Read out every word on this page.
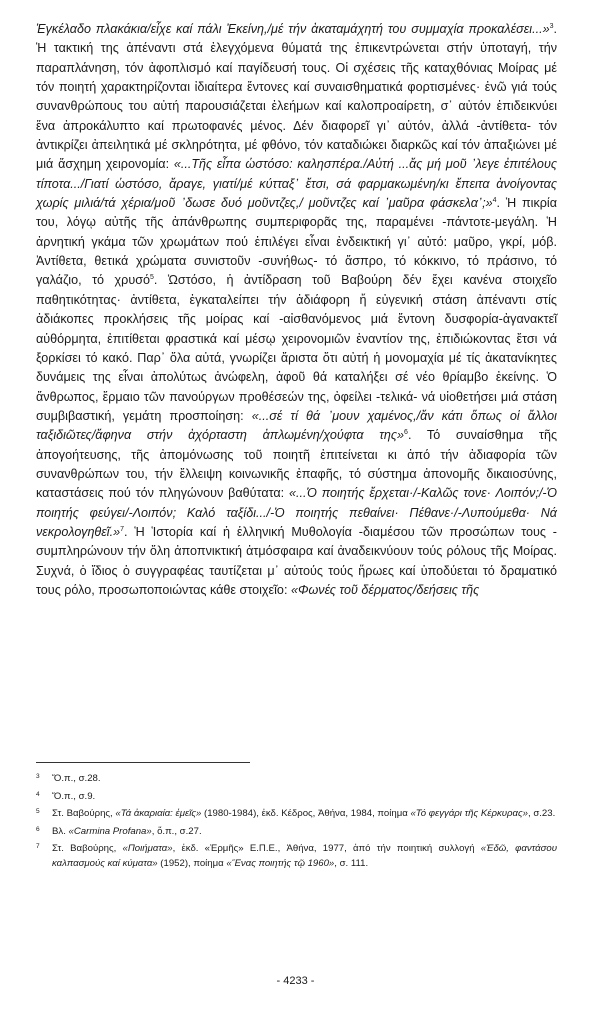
Ἐγκέλαδο πλακάκια/εἶχε καί πάλι Ἐκείνη,/μέ τήν ἀκαταμάχητή του συμμαχία προκαλέσει...»$^3$. Ἡ τακτική της ἀπέναντι στά ἐλεγχόμενα θύματά της ἐπικεντρώνεται στήν ὑποταγή, τήν παραπλάνηση, τόν ἀφοπλισμό καί παγίδευσή τους. Οἱ σχέσεις τῆς καταχθόνιας Μοίρας μέ τόν ποιητή χαρακτηρίζονται ἰδιαίτερα ἔντονες καί συναισθηματικά φορτισμένες· ἐνῶ γιά τούς συνανθρώπους του αὐτή παρουσιάζεται ἐλεήμων καί καλοπροαίρετη, σ᾽ αὐτόν ἐπιδεικνύει ἕνα ἀπροκάλυπτο καί πρωτοφανές μένος. Δέν διαφορεῖ γι᾽ αὐτόν, ἀλλά -ἀντίθετα- τόν ἀντικρίζει ἀπειλητικά μέ σκληρότητα, μέ φθόνο, τόν καταδιώκει διαρκῶς καί τόν ἀπαξιώνει μέ μιά ἄσχημη χειρονομία: «...Τῆς εἶπα ὡστόσο: καλησπέρα./Αὐτή ...ἄς μή μοῦ ᾽λεγε ἐπιτέλους τίποτα.../Γιατί ὡστόσο, ἄραγε, γιατί/μέ κύτταξ᾽ ἔτσι, σά φαρμακωμένη/κι ἔπειτα ἀνοίγοντας χωρίς μιλιά/τά χέρια/μοῦ ᾽δωσε δυό μοῦντζες,/ μοῦντζες καί ᾽μαῦρα φάσκελα᾽;»$^4$. Ἡ πικρία του, λόγῳ αὐτῆς τῆς ἀπάνθρωπης συμπεριφορᾶς της, παραμένει -πάντοτε-μεγάλη. Ἡ ἀρνητική γκάμα τῶν χρωμάτων πού ἐπιλέγει εἶναι ἐνδεικτική γι᾽ αὐτό: μαῦρο, γκρί, μόβ. Ἀντίθετα, θετικά χρώματα συνιστοῦν -συνήθως- τό ἄσπρο, τό κόκκινο, τό πράσινο, τό γαλάζιο, τό χρυσό$^5$. Ὡστόσο, ἡ ἀντίδραση τοῦ Βαβούρη δέν ἔχει κανένα στοιχεῖο παθητικότητας· ἀντίθετα, ἐγκαταλείπει τήν ἀδιάφορη ἤ εὐγενική στάση ἀπέναντι στίς ἀδιάκοπες προκλήσεις τῆς μοίρας καί -αἰσθανόμενος μιά ἔντονη δυσφορία-ἀγανακτεῖ αὐθόρμητα, ἐπιτίθεται φραστικά καί μέσῳ χειρονομιῶν ἐναντίον της, ἐπιδιώκοντας ἔτσι νά ξορκίσει τό κακό. Παρ᾽ ὅλα αὐτά, γνωρίζει ἄριστα ὅτι αὐτή ἡ μονομαχία μέ τίς ἀκατανίκητες δυνάμεις της εἶναι ἀπολύτως ἀνώφελη, ἀφοῦ θά καταλήξει σέ νέο θρίαμβο ἐκείνης. Ὁ ἄνθρωπος, ἕρμαιο τῶν πανούργων προθέσεών της, ὀφείλει -τελικά- νά υἱοθετήσει μιά στάση συμβιβαστική, γεμάτη προσποίηση: «...σέ τί θά ᾽μουν χαμένος,/ἄν κάτι ὅπως οἱ ἄλλοι ταξιδιῶτες/ἄφηνα στήν ἀχόρταστη ἀπλωμένη/χούφτα της»$^6$. Τό συναίσθημα τῆς ἀπογοήτευσης, τῆς ἀπομόνωσης τοῦ ποιητῆ ἐπιτείνεται κι ἀπό τήν ἀδιαφορία τῶν συνανθρώπων του, τήν ἔλλειψη κοινωνικῆς ἐπαφῆς, τό σύστημα ἀπονομῆς δικαιοσύνης, καταστάσεις πού τόν πληγώνουν βαθύτατα: «...Ὁ ποιητής ἔρχεται·/-Καλῶς τονε· Λοιπόν;/-Ὁ ποιητής φεύγει/-Λοιπόν; Καλό ταξίδι.../-Ὁ ποιητής πεθαίνει· Πέθανε·/-Λυπούμεθα· Νά νεκρολογηθεῖ.»$^7$. Ἡ Ἱστορία καί ἡ ἑλληνική Μυθολογία -διαμέσου τῶν προσώπων τους - συμπληρώνουν τήν ὅλη ἀποπνικτική ἀτμόσφαιρα καί ἀναδεικνύουν τούς ρόλους τῆς Μοίρας. Συχνά, ὁ ἴδιος ὁ συγγραφέας ταυτίζεται μ᾽ αὐτούς τούς ἥρωες καί ὑποδύεται τό δραματικό τους ρόλο, προσωποποιώντας κάθε στοιχεῖο: «Φωνές τοῦ δέρματος/δεήσεις τῆς

3	Ὅ.π., σ.28.
4	Ὅ.π., σ.9.
5	Στ. Βαβούρης, «Τά ἀκαριαία: ἐμεῖς» (1980-1984), ἐκδ. Κέδρος, Ἀθήνα, 1984, ποίημα «Τό φεγγάρι τῆς Κέρκυρας», σ.23.
6	Βλ. «Carmina Profana», ὅ.π., σ.27.
7	Στ. Βαβούρης, «Ποιήματα», ἐκδ. «Ἑρμῆς» Ε.Π.Ε., Ἀθήνα, 1977, ἀπό τήν ποιητική συλλογή «Ἐδῶ, φαντάσου καλπασμούς καί κύματα» (1952), ποίημα «Ἕνας ποιητής τῷ 1960», σ. 111.
- 4233 -
